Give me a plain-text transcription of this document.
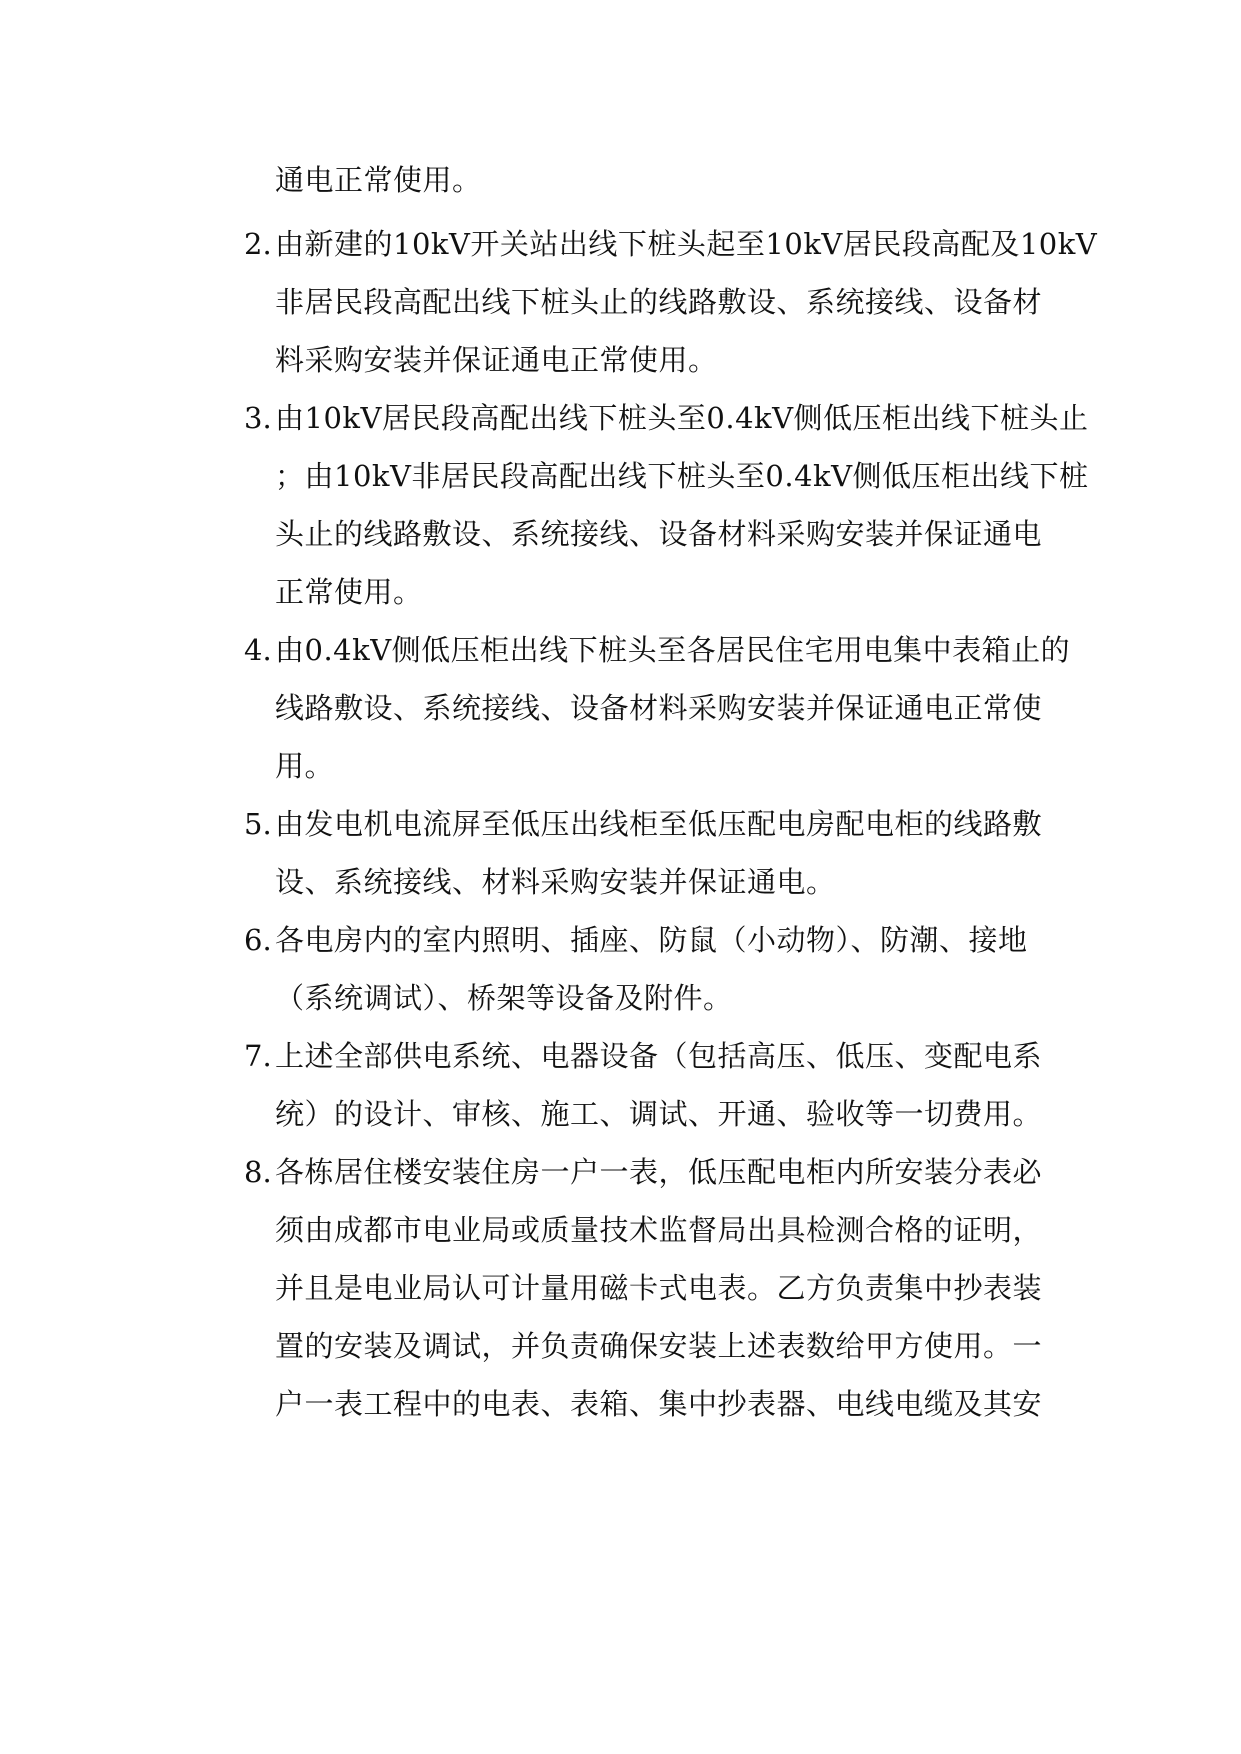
通电正常使用。
2. 由新建的10kV开关站出线下桩头起至10kV居民段高配及10kV
非居民段高配出线下桩头止的线路敷设、系统接线、设备材
料采购安装并保证通电正常使用。
3. 由10kV居民段高配出线下桩头至0.4kV侧低压柜出线下桩头止
；由10kV非居民段高配出线下桩头至0.4kV侧低压柜出线下桩
头止的线路敷设、系统接线、设备材料采购安装并保证通电
正常使用。
4. 由0.4kV侧低压柜出线下桩头至各居民住宅用电集中表箱止的
线路敷设、系统接线、设备材料采购安装并保证通电正常使
用。
5. 由发电机电流屏至低压出线柜至低压配电房配电柜的线路敷
设、系统接线、材料采购安装并保证通电。
6. 各电房内的室内照明、插座、防鼠（小动物）、防潮、接地
（系统调试）、桥架等设备及附件。
7. 上述全部供电系统、电器设备（包括高压、低压、变配电系
统）的设计、审核、施工、调试、开通、验收等一切费用。
8. 各栋居住楼安装住房一户一表，低压配电柜内所安装分表必
须由成都市电业局或质量技术监督局出具检测合格的证明，
并且是电业局认可计量用磁卡式电表。乙方负责集中抄表装
置的安装及调试，并负责确保安装上述表数给甲方使用。一
户一表工程中的电表、表箱、集中抄表器、电线电缆及其安
